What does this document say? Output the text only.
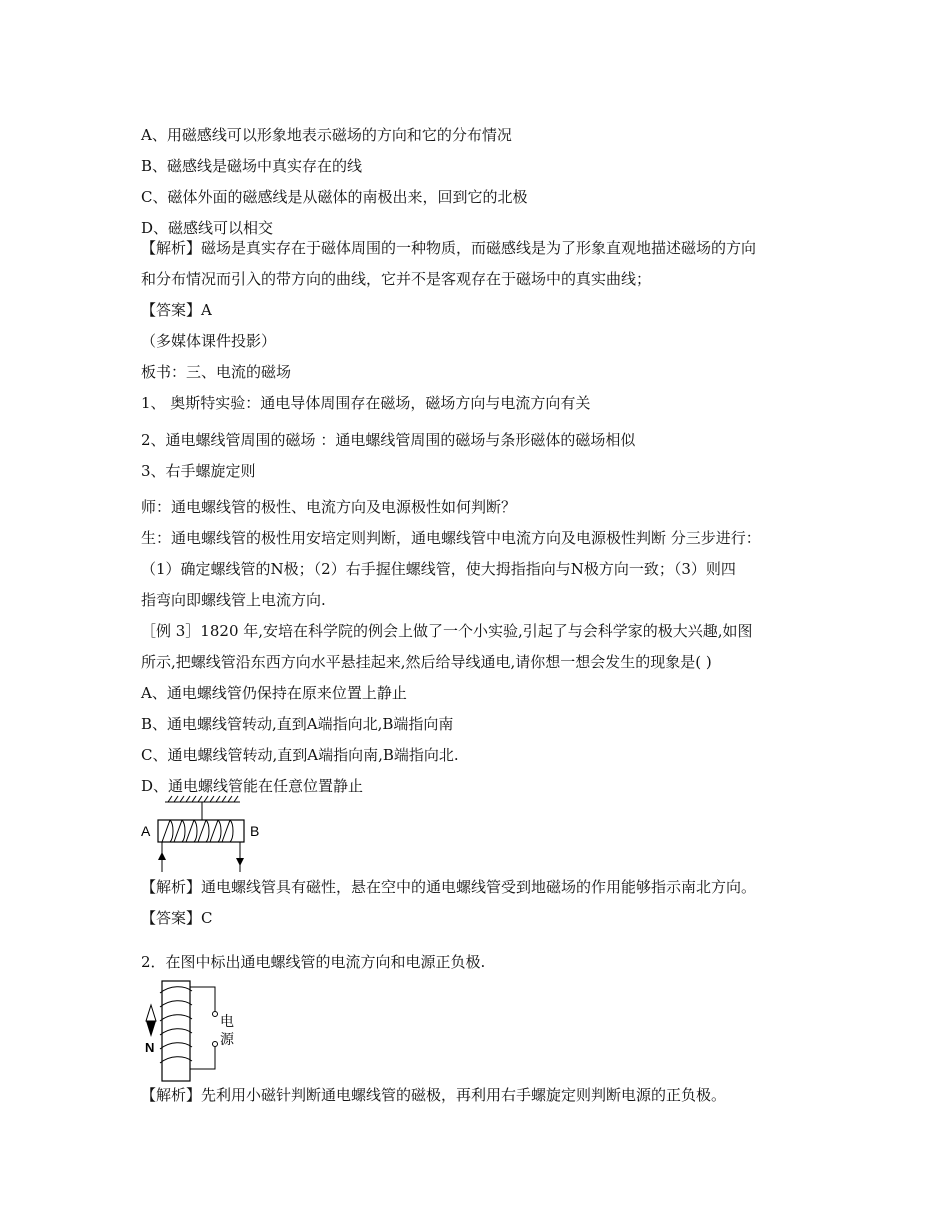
A、用磁感线可以形象地表示磁场的方向和它的分布情况
B、磁感线是磁场中真实存在的线
C、磁体外面的磁感线是从磁体的南极出来，回到它的北极
D、磁感线可以相交
【解析】磁场是真实存在于磁体周围的一种物质，而磁感线是为了形象直观地描述磁场的方向
和分布情况而引入的带方向的曲线，它并不是客观存在于磁场中的真实曲线；
【答案】A
（多媒体课件投影）
板书：三、电流的磁场
1、 奥斯特实验：通电导体周围存在磁场，磁场方向与电流方向有关
2、通电螺线管周围的磁场 ：通电螺线管周围的磁场与条形磁体的磁场相似
3、右手螺旋定则
师：通电螺线管的极性、电流方向及电源极性如何判断？
生：通电螺线管的极性用安培定则判断，通电螺线管中电流方向及电源极性判断 分三步进行：
（1）确定螺线管的N极；（2）右手握住螺线管，使大拇指指向与N极方向一致；（3）则四
指弯向即螺线管上电流方向.
［例 3］1820 年,安培在科学院的例会上做了一个小实验,引起了与会科学家的极大兴趣,如图
所示,把螺线管沿东西方向水平悬挂起来,然后给导线通电,请你想一想会发生的现象是( )
A、通电螺线管仍保持在原来位置上静止
B、通电螺线管转动,直到A端指向北,B端指向南
C、通电螺线管转动,直到A端指向南,B端指向北.
D、通电螺线管能在任意位置静止
A	B
【解析】通电螺线管具有磁性，悬在空中的通电螺线管受到地磁场的作用能够指示南北方向。
【答案】C
2．在图中标出通电螺线管的电流方向和电源正负极.
电
源
N
【解析】先利用小磁针判断通电螺线管的磁极，再利用右手螺旋定则判断电源的正负极。
